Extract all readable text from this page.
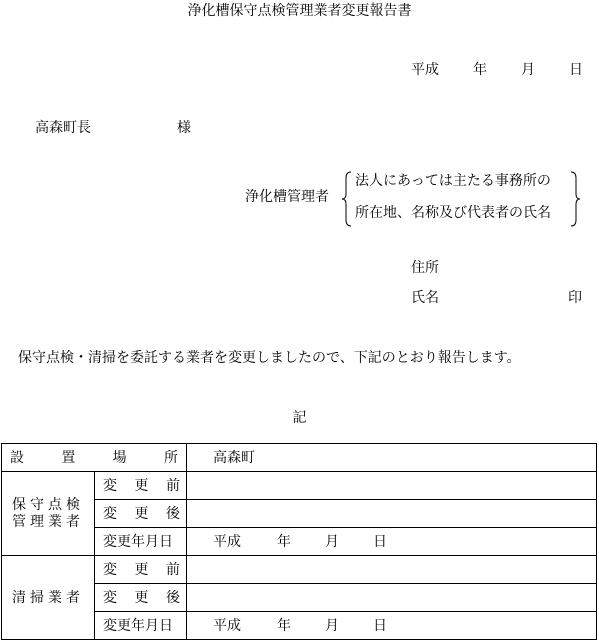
浄化槽保守点検管理業者変更報告書
平成 年 月 日
高森町長	様
浄化槽管理者
法人にあっては主たる事務所の
所在地、名称及び代表者の氏名
住所
氏名	印
保守点検・清掃を委託する業者を変更しましたので、下記のとおり報告します。
記
設 置 場 所		高森町

保守点検
管理業者	変 更 前	

	変 更 後	

	変更年月日	平成 年 月 日

清掃業者	変 更 前	

	変 更 後	

	変更年月日	平成 年 月 日
